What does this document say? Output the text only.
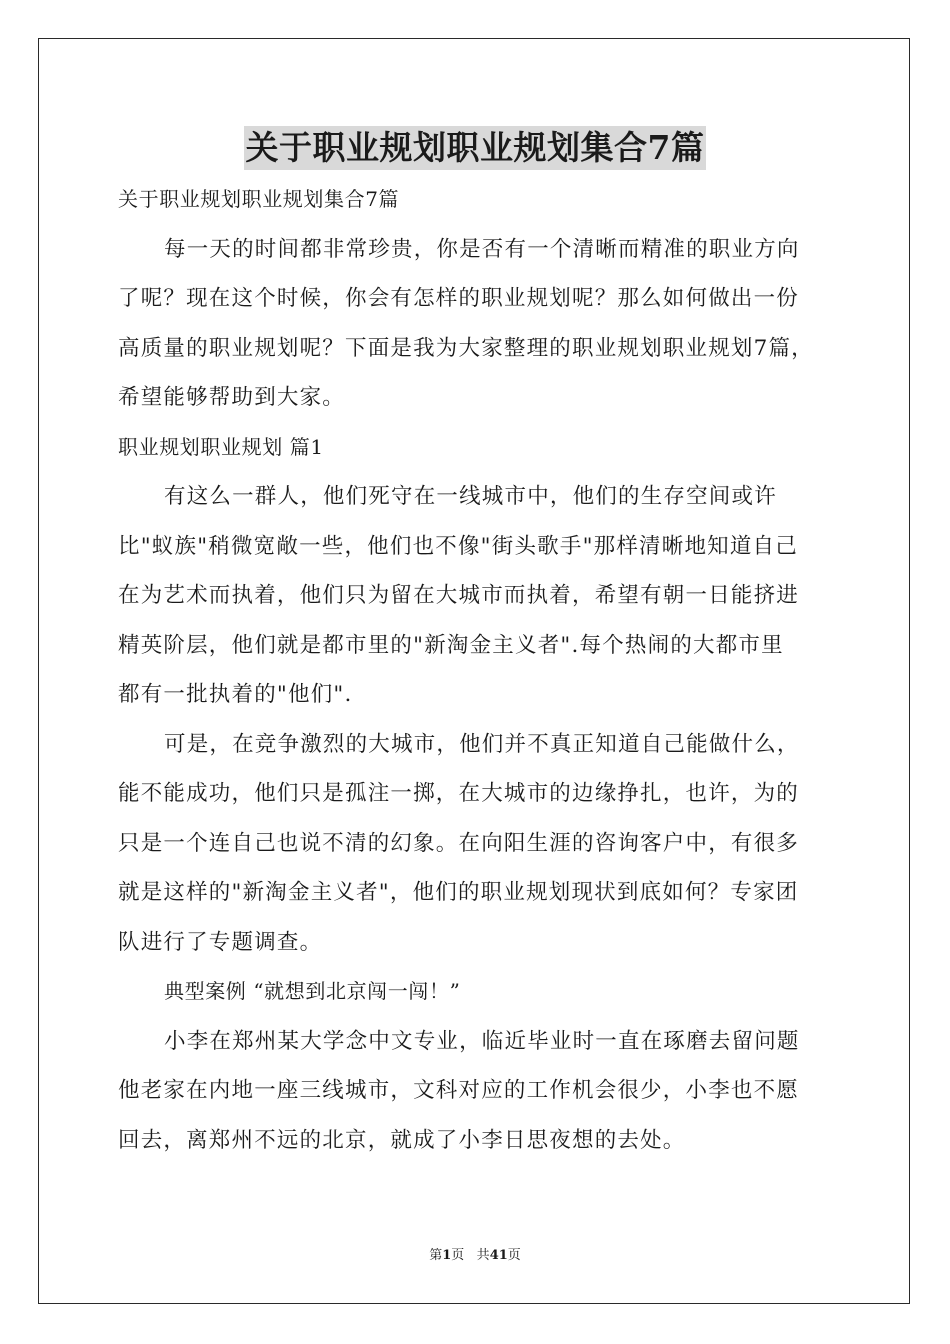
关于职业规划职业规划集合7篇
关于职业规划职业规划集合7篇
每一天的时间都非常珍贵，你是否有一个清晰而精准的职业方向
了呢？现在这个时候，你会有怎样的职业规划呢？那么如何做出一份
高质量的职业规划呢？下面是我为大家整理的职业规划职业规划7篇，
希望能够帮助到大家。
职业规划职业规划 篇1
有这么一群人，他们死守在一线城市中，他们的生存空间或许
比"蚁族"稍微宽敞一些，他们也不像"街头歌手"那样清晰地知道自己
在为艺术而执着，他们只为留在大城市而执着，希望有朝一日能挤进
精英阶层，他们就是都市里的"新淘金主义者".每个热闹的大都市里
都有一批执着的"他们".
可是，在竞争激烈的大城市，他们并不真正知道自己能做什么，
能不能成功，他们只是孤注一掷，在大城市的边缘挣扎，也许，为的
只是一个连自己也说不清的幻象。在向阳生涯的咨询客户中，有很多
就是这样的"新淘金主义者"，他们的职业规划现状到底如何？专家团
队进行了专题调查。
典型案例 “就想到北京闯一闯！”
小李在郑州某大学念中文专业，临近毕业时一直在琢磨去留问题
他老家在内地一座三线城市，文科对应的工作机会很少，小李也不愿
回去，离郑州不远的北京，就成了小李日思夜想的去处。
第1页 共41页
